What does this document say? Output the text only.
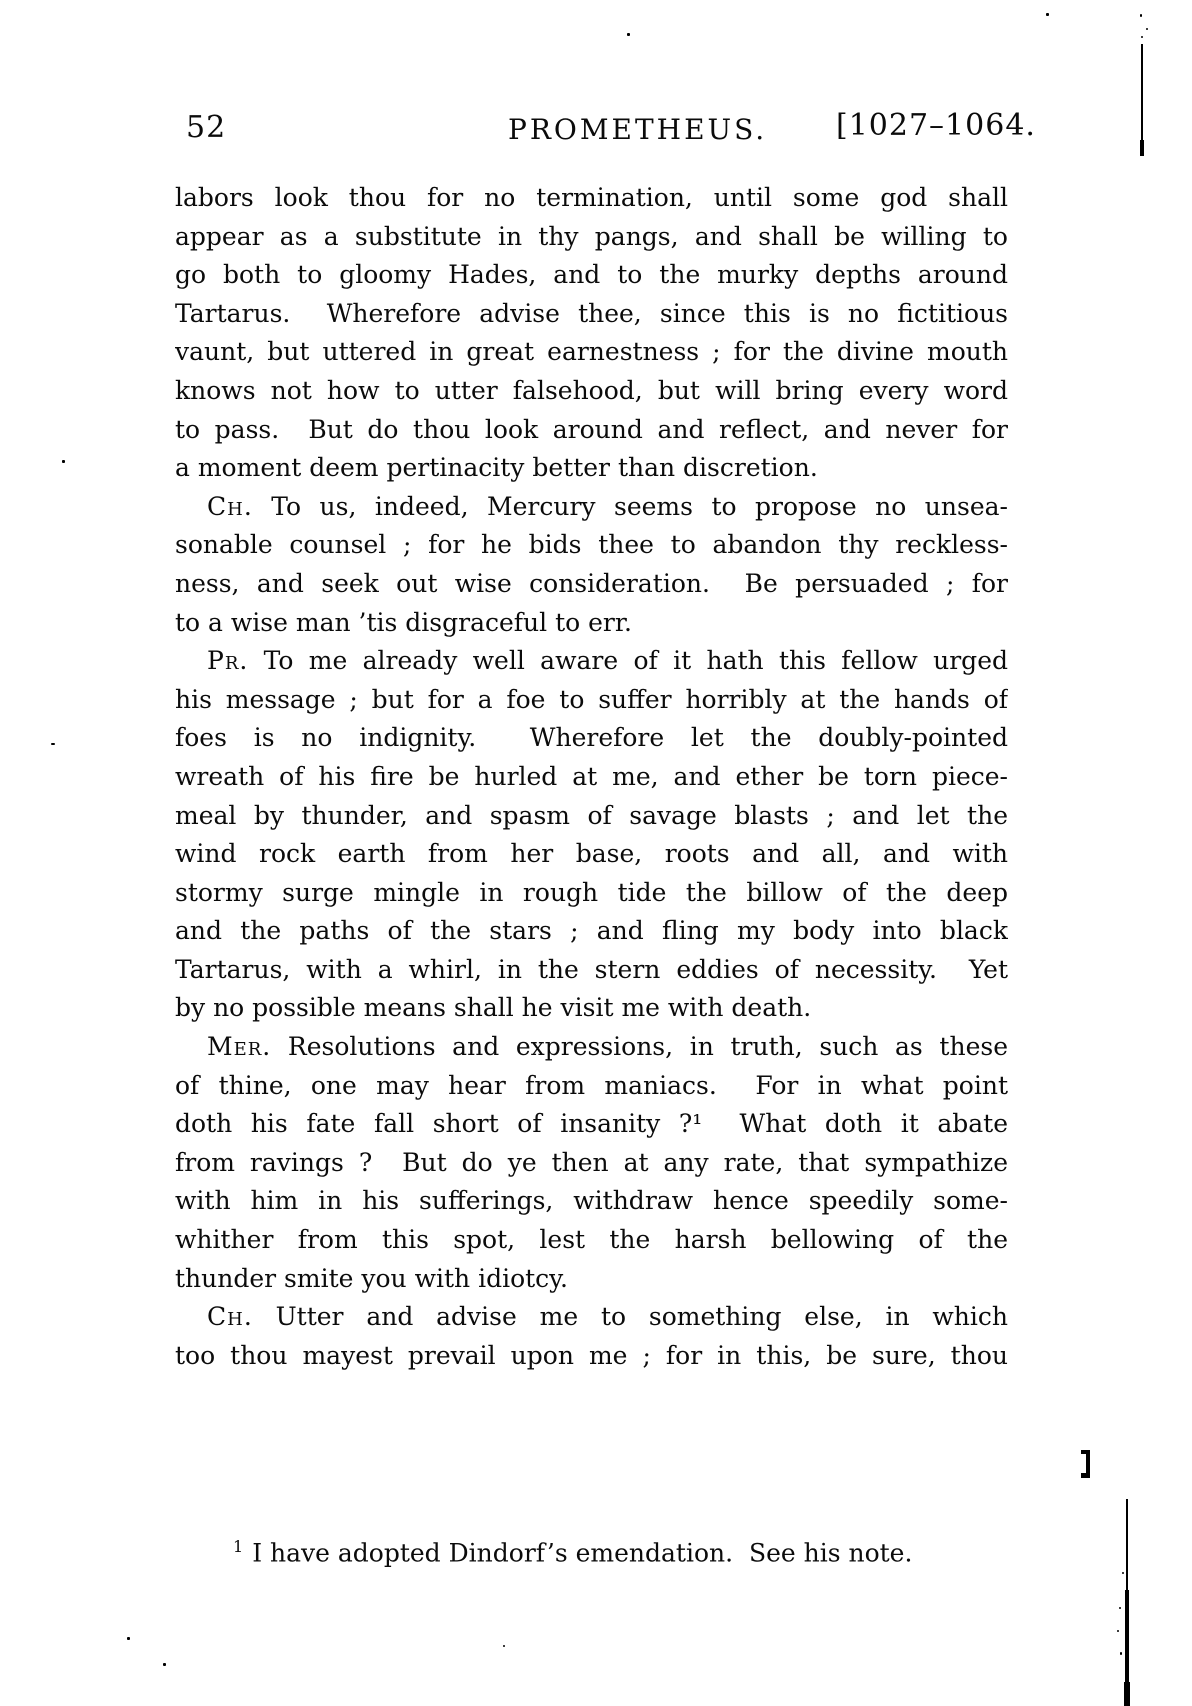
52	PROMETHEUS. [1027–1064.
labors look thou for no termination, until some god shall
appear as a substitute in thy pangs, and shall be willing to
go both to gloomy Hades, and to the murky depths around
Tartarus.  Wherefore advise thee, since this is no fictitious
vaunt, but uttered in great earnestness ; for the divine mouth
knows not how to utter falsehood, but will bring every word
to pass.  But do thou look around and reflect, and never for
a moment deem pertinacity better than discretion.
Ch. To us, indeed, Mercury seems to propose no unsea-
sonable counsel ; for he bids thee to abandon thy reckless-
ness, and seek out wise consideration.  Be persuaded ; for
to a wise man ’tis disgraceful to err.
Pr. To me already well aware of it hath this fellow urged
his message ; but for a foe to suffer horribly at the hands of
foes is no indignity.  Wherefore let the doubly-pointed
wreath of his fire be hurled at me, and ether be torn piece-
meal by thunder, and spasm of savage blasts ; and let the
wind rock earth from her base, roots and all, and with
stormy surge mingle in rough tide the billow of the deep
and the paths of the stars ; and fling my body into black
Tartarus, with a whirl, in the stern eddies of necessity.  Yet
by no possible means shall he visit me with death.
Mer. Resolutions and expressions, in truth, such as these
of thine, one may hear from maniacs.  For in what point
doth his fate fall short of insanity ?¹  What doth it abate
from ravings ?  But do ye then at any rate, that sympathize
with him in his sufferings, withdraw hence speedily some-
whither from this spot, lest the harsh bellowing of the
thunder smite you with idiotcy.
Ch. Utter and advise me to something else, in which
too thou mayest prevail upon me ; for in this, be sure, thou
$^1$ I have adopted Dindorf’s emendation.  See his note.
